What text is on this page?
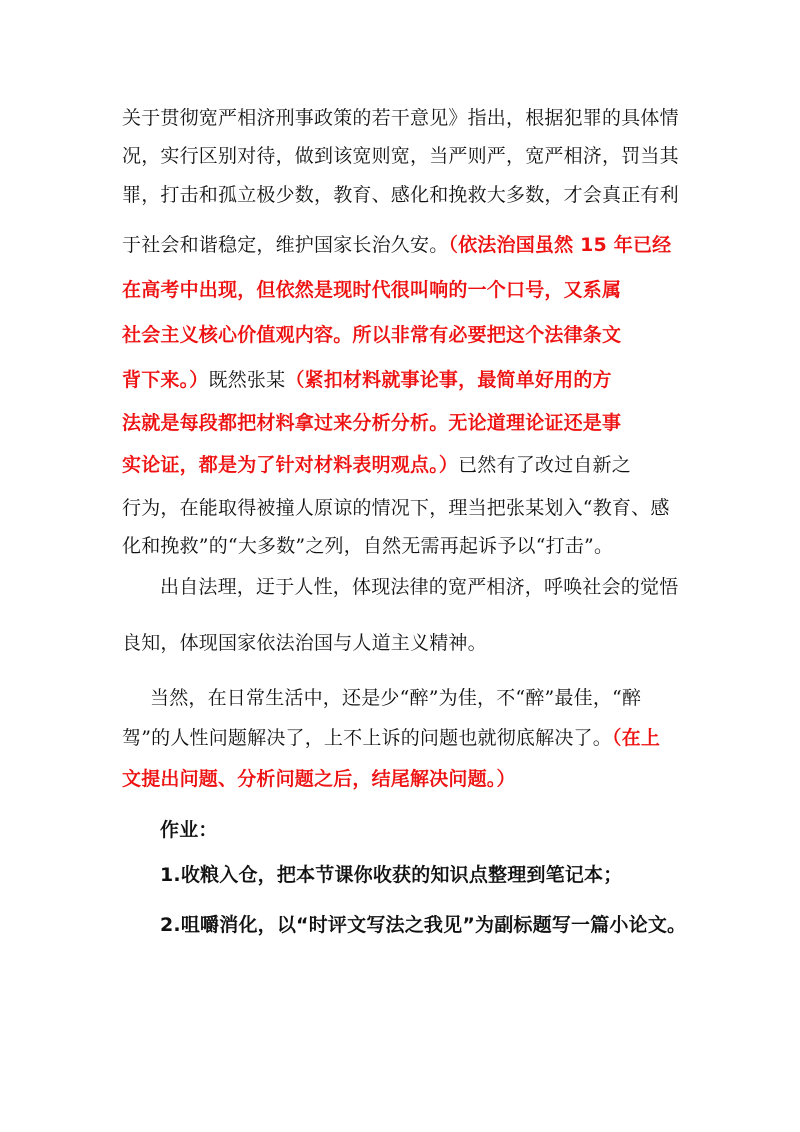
关于贯彻宽严相济刑事政策的若干意见》指出，根据犯罪的具体情

况，实行区别对待，做到该宽则宽，当严则严，宽严相济，罚当其

罪，打击和孤立极少数，教育、感化和挽救大多数，才会真正有利

于社会和谐稳定，维护国家长治久安。（依法治国虽然 15 年已经

在高考中出现，但依然是现时代很叫响的一个口号，又系属

社会主义核心价值观内容。所以非常有必要把这个法律条文

背下来。）既然张某（紧扣材料就事论事，最简单好用的方

法就是每段都把材料拿过来分析分析。无论道理论证还是事

实论证，都是为了针对材料表明观点。）已然有了改过自新之

行为，在能取得被撞人原谅的情况下，理当把张某划入“教育、感

化和挽救”的“大多数”之列，自然无需再起诉予以“打击”。

出自法理，迂于人性，体现法律的宽严相济，呼唤社会的觉悟

良知，体现国家依法治国与人道主义精神。

当然，在日常生活中，还是少“醉”为佳，不“醉”最佳，“醉

驾”的人性问题解决了，上不上诉的问题也就彻底解决了。（在上

文提出问题、分析问题之后，结尾解决问题。）

作业：

1.收粮入仓，把本节课你收获的知识点整理到笔记本；

2.咀嚼消化，以“时评文写法之我见”为副标题写一篇小论文。
